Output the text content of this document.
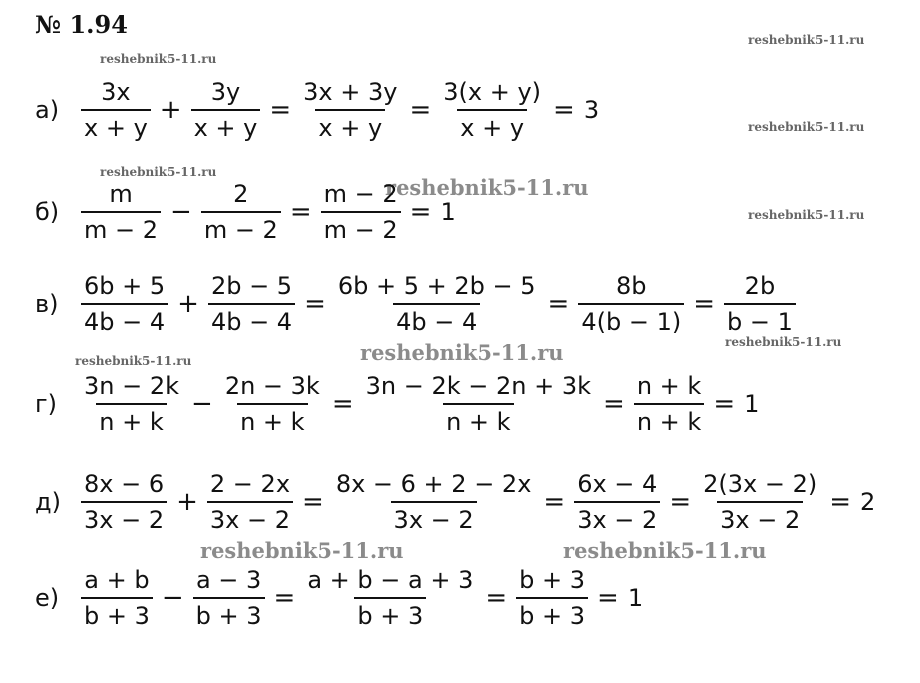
№ 1.94
reshebnik5-11.ru
reshebnik5-11.ru
reshebnik5-11.ru
reshebnik5-11.ru
reshebnik5-11.ru
reshebnik5-11.ru
reshebnik5-11.ru
reshebnik5-11.ru
reshebnik5-11.ru
reshebnik5-11.ru	reshebnik5-11.ru
$а) \frac{3x}{x + y} + \frac{3y}{x + y} = \frac{3x + 3y}{x + y} = \frac{3(x + y)}{x + y} = 3$
$б) \frac{m}{m - 2} - \frac{2}{m - 2} = \frac{m - 2}{m - 2} = 1$
$в) \frac{6b + 5}{4b - 4} + \frac{2b - 5}{4b - 4} = \frac{6b + 5 + 2b - 5}{4b - 4} = \frac{8b}{4(b - 1)} = \frac{2b}{b - 1}$
г)	$\frac{3n - 2k}{n + k} - \frac{2n - 3k}{n + k} = \frac{3n - 2k - 2n + 3k}{n + k} = \frac{n + k}{n + k} = 1$
$д) \frac{8x - 6}{3x - 2} + \frac{2 - 2x}{3x - 2} = \frac{8x - 6 + 2 - 2x}{3x - 2} = \frac{6x - 4}{3x - 2} = \frac{2(3x - 2)}{3x - 2} = 2$
$е) \frac{a + b}{b + 3} - \frac{a - 3}{b + 3} = \frac{a + b - a + 3}{b + 3} = \frac{b + 3}{b + 3} = 1$
